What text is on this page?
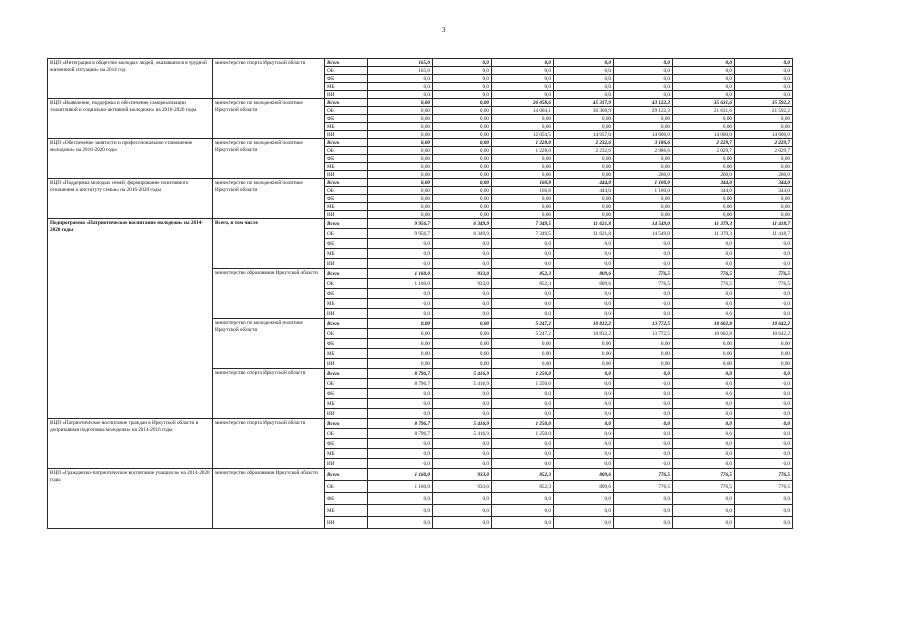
3
ВЦП «Интеграция в общество молодых людей, оказавшихся в трудной жизненной ситуации» на 2014 год	министерство спорта Иркутской области	Всего	165,0	0,0	0,0	0,0	0,0	0,0	0,0
		ОБ	165,0	0,0	0,0	0,0	0,0	0,0	0,0
		ФБ	0,0	0,0	0,0	0,0	0,0	0,0	0,0
		МБ	0,0	0,0	0,0	0,0	0,0	0,0	0,0
		ИИ	0,0	0,0	0,0	0,0	0,0	0,0	0,0
ВЦП «Выявление, поддержка и обеспечение самореализации талантливой и социально-активной молодежи» на 2016-2020 годы	министерство по молодежной политике Иркутской области	Всего	0,00	0,00	26 058,6	45 317,9	43 122,3	35 631,6	35 592,2
		ОБ	0,00	0,00	14 004,1	30 360,9	29 122,3	21 631,6	21 592,2
		ФБ	0,00	0,00	0,00	0,00	0,00	0,00	0,00
		МБ	0,00	0,00	0,00	0,00	0,00	0,00	0,00
		ИИ	0,00	0,00	12 054,5	14 957,0	14 000,0	14 000,0	14 000,0
ВЦП «Обеспечение занятости и профессиональное становление молодежи» на 2016-2020 годы	министерство по молодежной политике Иркутской области	Всего	0,00	0,00	1 228,0	2 232,6	3 186,6	2 229,7	2 229,7
		ОБ	0,00	0,00	1 228,0	2 232,6	2 986,6	2 029,7	2 029,7
		ФБ	0,00	0,00	0,00	0,00	0,00	0,00	0,00
		МБ	0,00	0,00	0,00	0,00	0,00	0,00	0,00
		ИИ	0,00	0,00	0,00	0,00	200,0	200,0	200,0
ВЦП «Поддержка молодых семей, формирование позитивного отношения к институту семьи» на 2016-2020 годы	министерство по молодежной политике Иркутской области	Всего	0,00	0,00	160,8	444,0	1 100,0	344,0	344,0
		ОБ	0,00	0,00	160,8	444,0	1 100,0	344,0	344,0
		ФБ	0,00	0,00	0,00	0,00	0,00	0,00	0,00
		МБ	0,00	0,00	0,00	0,00	0,00	0,00	0,00
		ИИ	0,00	0,00	0,00	0,00	0,00	0,00	0,00
Подпрограмма «Патриотическое воспитание молодежи» на 2014-2020 годы	Всего, в том числе	Всего	9 956,7	6 349,9	7 349,5	11 621,8	14 549,0	11 379,3	11 418,7
		ОБ	9 956,7	6 349,9	7 349,5	11 621,8	14 549,0	11 379,3	11 418,7
		ФБ	0,0	0,0	0,0	0,0	0,0	0,0	0,0
		МБ	0,0	0,0	0,0	0,0	0,0	0,0	0,0
		ИИ	0,0	0,0	0,0	0,0	0,0	0,0	0,0
	министерство образования Иркутской области	Всего	1 160,0	933,0	852,3	809,6	776,5	776,5	776,5
		ОБ	1 160,0	933,0	852,3	809,6	776,5	776,5	776,5
		ФБ	0,0	0,0	0,0	0,0	0,0	0,0	0,0
		МБ	0,0	0,0	0,0	0,0	0,0	0,0	0,0
		ИИ	0,0	0,0	0,0	0,0	0,0	0,0	0,0
	министерство по молодежной политике Иркутской области	Всего	0,00	0,00	5 247,2	10 812,2	13 772,5	10 602,8	10 642,2
		ОБ	0,00	0,00	5 247,2	10 812,2	13 772,5	10 602,8	10 642,2
		ФБ	0,00	0,00	0,00	0,00	0,00	0,00	0,00
		МБ	0,00	0,00	0,00	0,00	0,00	0,00	0,00
		ИИ	0,00	0,00	0,00	0,00	0,00	0,00	0,00
	министерство спорта Иркутской области	Всего	8 796,7	5 416,9	1 250,0	0,0	0,0	0,0	0,0
		ОБ	8 796,7	5 416,9	1 250,0	0,0	0,0	0,0	0,0
		ФБ	0,0	0,0	0,0	0,0	0,0	0,0	0,0
		МБ	0,0	0,0	0,0	0,0	0,0	0,0	0,0
		ИИ	0,0	0,0	0,0	0,0	0,0	0,0	0,0
ВЦП «Патриотическое воспитание граждан в Иркутской области и допризывная подготовка молодежи» на 2014-2016 годы	министерство спорта Иркутской области	Всего	8 796,7	5 416,9	1 250,0	0,0	0,0	0,0	0,0
		ОБ	8 796,7	5 416,9	1 250,0	0,0	0,0	0,0	0,0
		ФБ	0,0	0,0	0,0	0,0	0,0	0,0	0,0
		МБ	0,0	0,0	0,0	0,0	0,0	0,0	0,0
		ИИ	0,0	0,0	0,0	0,0	0,0	0,0	0,0
ВЦП «Гражданско-патриотическое воспитание учащихся» на 2014-2020 годы	министерство образования Иркутской области	Всего	1 160,0	933,0	852,3	809,6	776,5	776,5	776,5
		ОБ	1 160,0	933,0	852,3	809,6	776,5	776,5	776,5
		ФБ	0,0	0,0	0,0	0,0	0,0	0,0	0,0
		МБ	0,0	0,0	0,0	0,0	0,0	0,0	0,0
		ИИ	0,0	0,0	0,0	0,0	0,0	0,0	0,0
